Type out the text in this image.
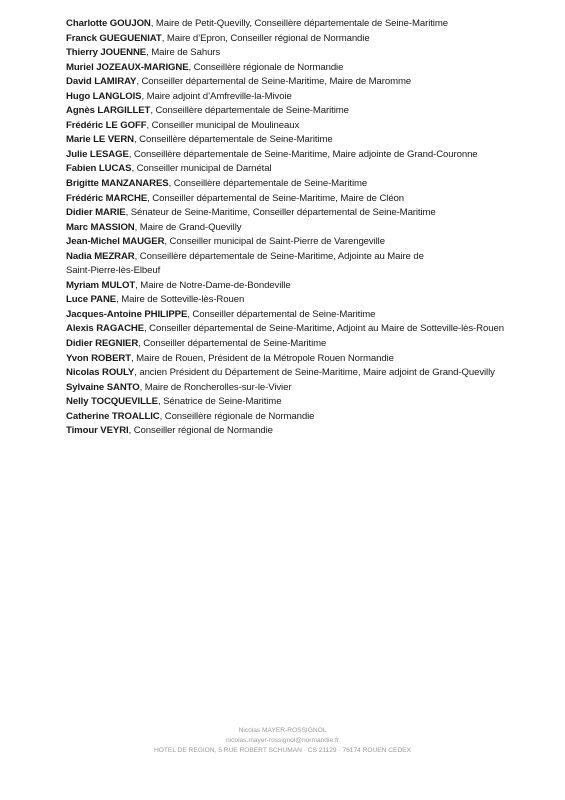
Charlotte GOUJON, Maire de Petit-Quevilly, Conseillère départementale de Seine-Maritime
Franck GUEGUENIAT, Maire d’Epron, Conseiller régional de Normandie
Thierry JOUENNE, Maire de Sahurs
Muriel JOZEAUX-MARIGNE, Conseillère régionale de Normandie
David LAMIRAY, Conseiller départemental de Seine-Maritime, Maire de Maromme
Hugo LANGLOIS, Maire adjoint d’Amfreville-la-Mivoie
Agnès LARGILLET, Conseillère départementale de Seine-Maritime
Frédéric LE GOFF, Conseiller municipal de Moulineaux
Marie LE VERN, Conseillère départementale de Seine-Maritime
Julie LESAGE, Conseillère départementale de Seine-Maritime, Maire adjointe de Grand-Couronne
Fabien LUCAS, Conseiller municipal de Darnétal
Brigitte MANZANARES, Conseillère départementale de Seine-Maritime
Frédéric MARCHE, Conseiller départemental de Seine-Maritime, Maire de Cléon
Didier MARIE, Sénateur de Seine-Maritime, Conseiller départemental de Seine-Maritime
Marc MASSION, Maire de Grand-Quevilly
Jean-Michel MAUGER, Conseiller municipal de Saint-Pierre de Varengeville
Nadia MEZRAR, Conseillère départementale de Seine-Maritime, Adjointe au Maire de Saint-Pierre-lès-Elbeuf
Myriam MULOT, Maire de Notre-Dame-de-Bondeville
Luce PANE, Maire de Sotteville-lès-Rouen
Jacques-Antoine PHILIPPE, Conseiller départemental de Seine-Maritime
Alexis RAGACHE, Conseiller départemental de Seine-Maritime, Adjoint au Maire de Sotteville-lès-Rouen
Didier REGNIER, Conseiller départemental de Seine-Maritime
Yvon ROBERT, Maire de Rouen, Président de la Métropole Rouen Normandie
Nicolas ROULY, ancien Président du Département de Seine-Maritime, Maire adjoint de Grand-Quevilly
Sylvaine SANTO, Maire de Roncherolles-sur-le-Vivier
Nelly TOCQUEVILLE, Sénatrice de Seine-Maritime
Catherine TROALLIC, Conseillère régionale de Normandie
Timour VEYRI, Conseiller régional de Normandie
Nicolas MAYER-ROSSIGNOL
nicolas.mayer-rossignol@normandie.fr
HOTEL DE REGION, 5 RUE ROBERT SCHUMAN · CS 21129 · 76174 ROUEN CEDEX
